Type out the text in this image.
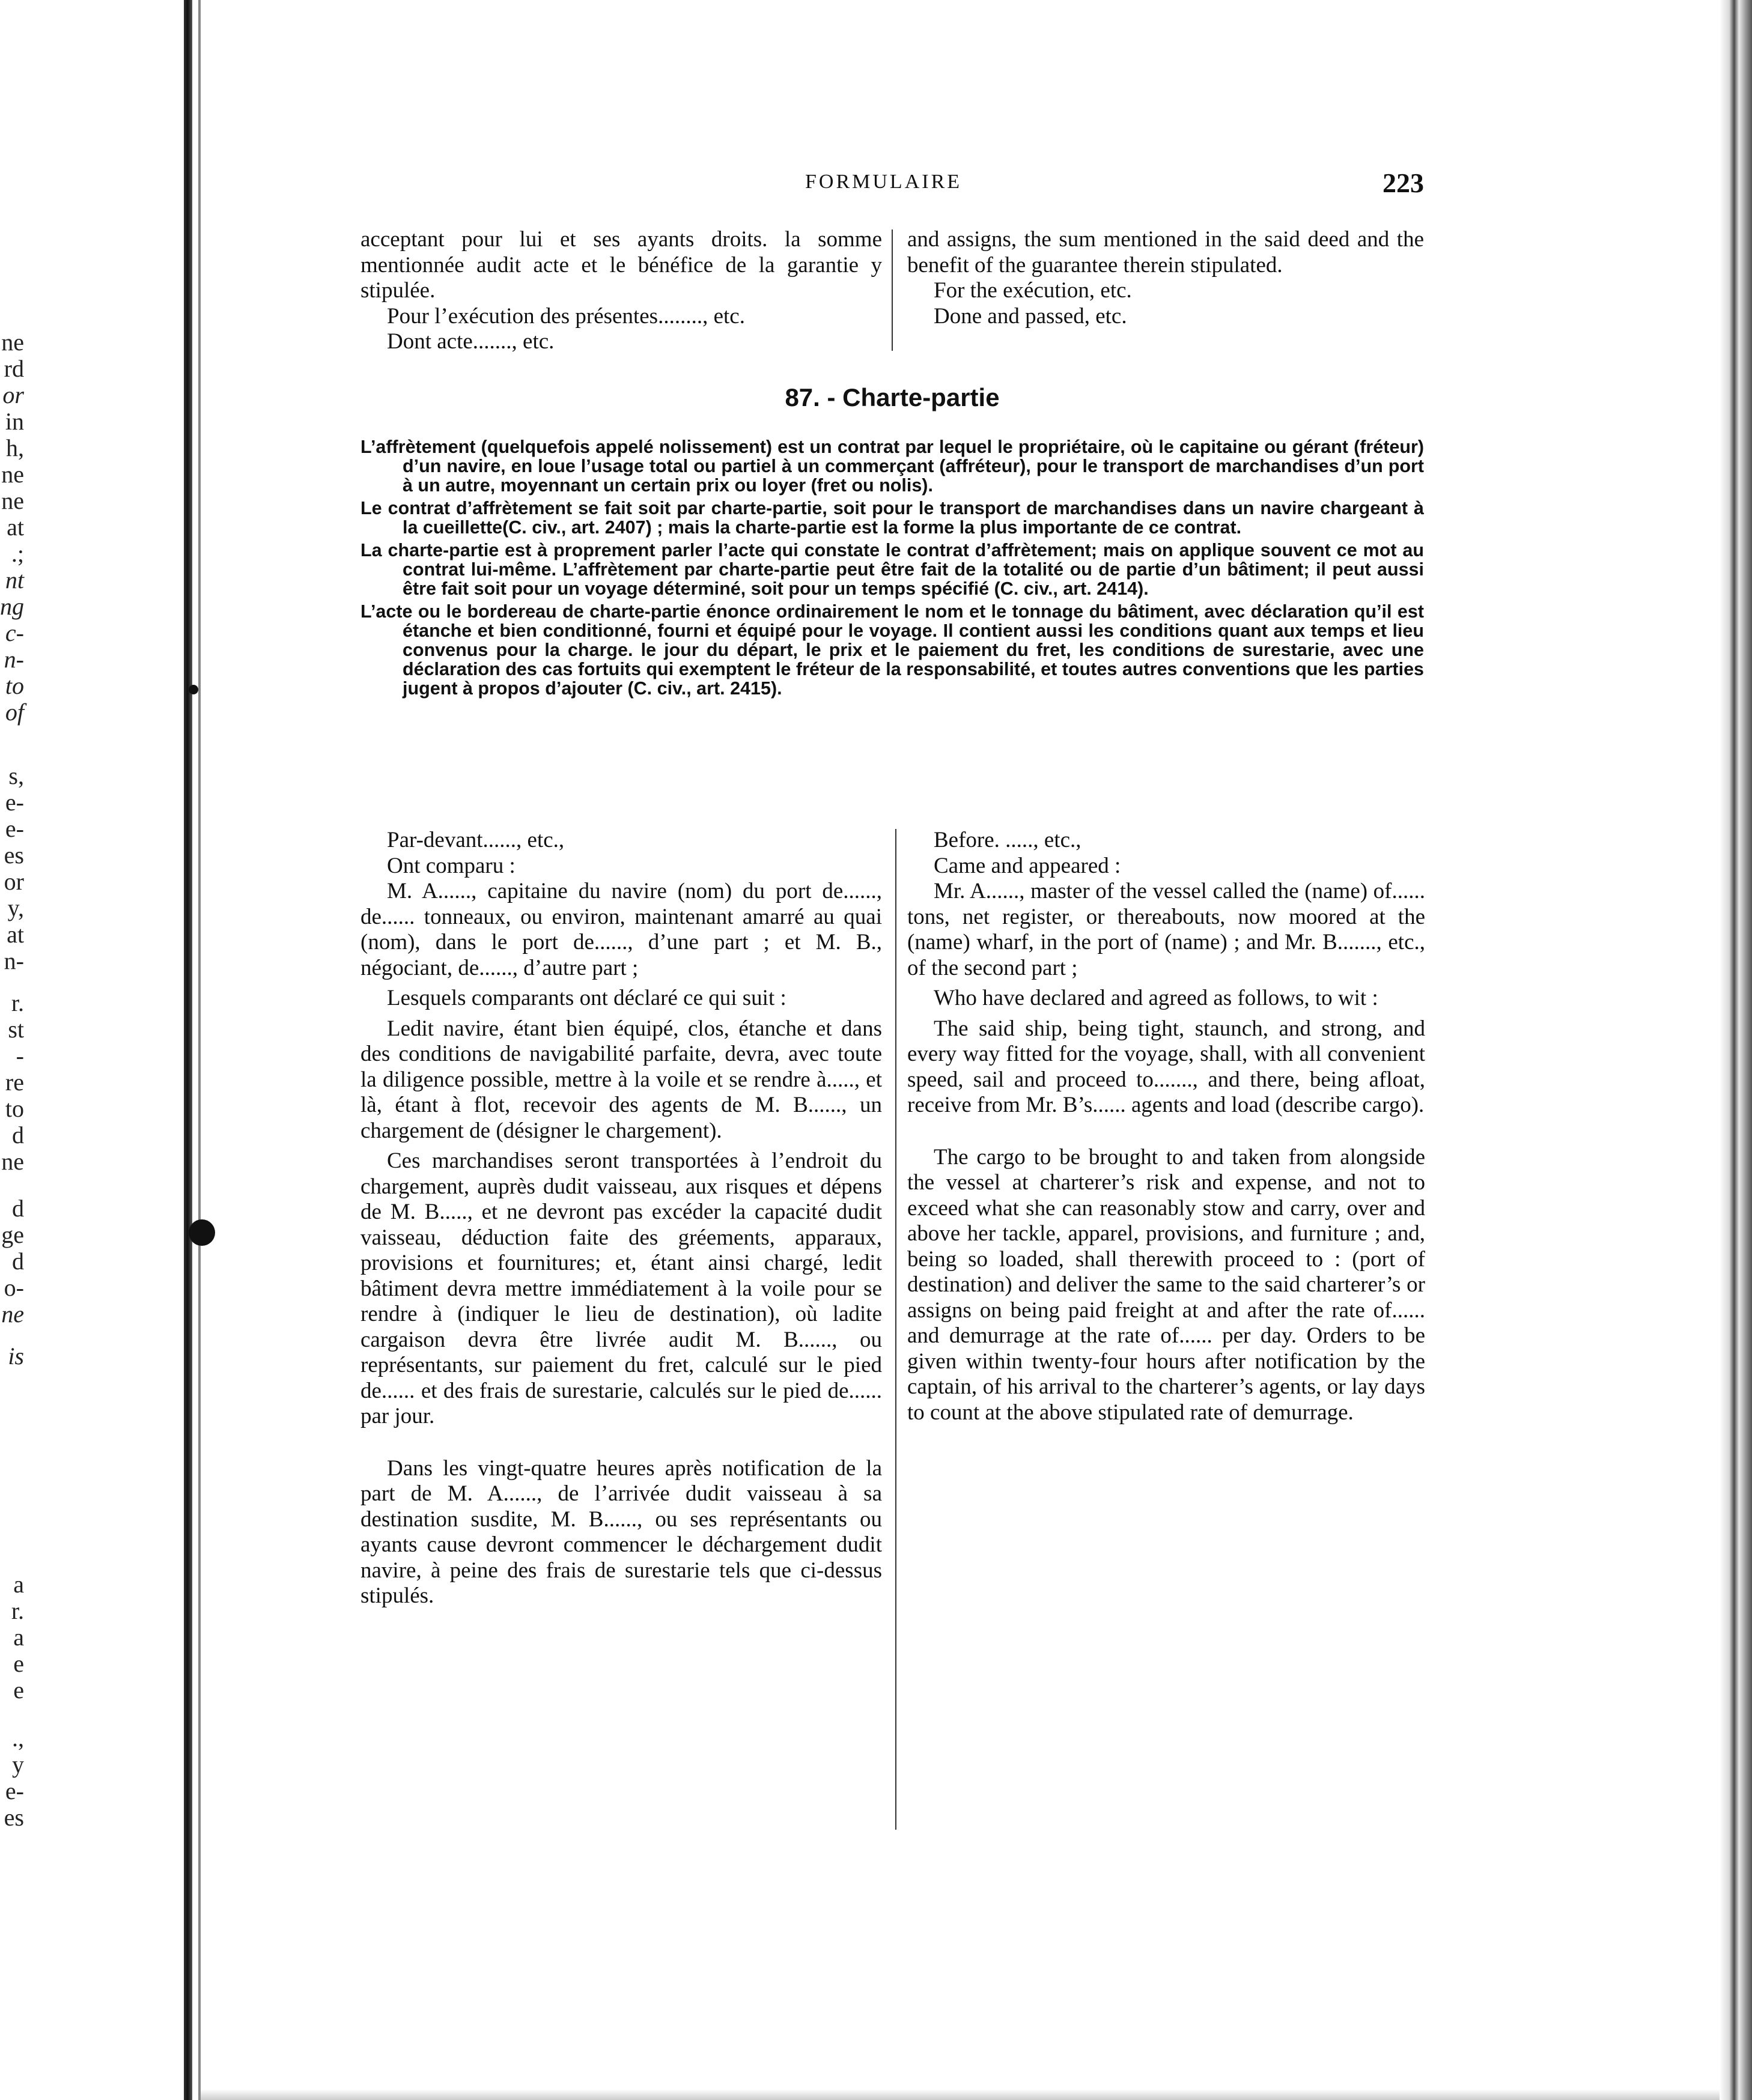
ne
rd
or
in
h,
ne
ne
at
.;
nt
ng
c-
n-
to
of
s,
e-
e-
es
or
y,
at
n-
r.
st
-
re
to
d
ne
d
ge
d
o-
ne
is
a
r.
a
e
e
.,
y
e-
es
FORMULAIRE	223

acceptant pour lui et ses ayants droits. la somme mentionnée audit acte et le bénéfice de la garantie y stipulée.

Pour l’exécution des présentes........, etc.

Dont acte......., etc.

and assigns, the sum mentioned in the said deed and the benefit of the guarantee therein stipulated.

For the exécution, etc.

Done and passed, etc.

87. - Charte-partie

L’affrètement (quelquefois appelé nolissement) est un contrat par lequel le propriétaire, où le capitaine ou gérant (fréteur) d’un navire, en loue l’usage total ou partiel à un commerçant (affréteur), pour le transport de marchandises d’un port à un autre, moyennant un certain prix ou loyer (fret ou nolis).

Le contrat d’affrètement se fait soit par charte-partie, soit pour le transport de marchandises dans un navire chargeant à la cueillette(C. civ., art. 2407) ; mais la charte-partie est la forme la plus importante de ce contrat.

La charte-partie est à proprement parler l’acte qui constate le contrat d’affrètement; mais on applique souvent ce mot au contrat lui-même. L’affrètement par charte-partie peut être fait de la totalité ou de partie d’un bâtiment; il peut aussi être fait soit pour un voyage déterminé, soit pour un temps spécifié (C. civ., art. 2414).

L’acte ou le bordereau de charte-partie énonce ordinairement le nom et le tonnage du bâtiment, avec déclaration qu’il est étanche et bien conditionné, fourni et équipé pour le voyage. Il contient aussi les conditions quant aux temps et lieu convenus pour la charge. le jour du départ, le prix et le paiement du fret, les conditions de surestarie, avec une déclaration des cas fortuits qui exemptent le fréteur de la responsabilité, et toutes autres conventions que les parties jugent à propos d’ajouter (C. civ., art. 2415).

Par-devant......, etc.,

Ont comparu :

M. A......, capitaine du navire (nom) du port de......, de...... tonneaux, ou environ, maintenant amarré au quai (nom), dans le port de......, d’une part ; et M. B., négociant, de......, d’autre part ;

Lesquels comparants ont déclaré ce qui suit :

Ledit navire, étant bien équipé, clos, étanche et dans des conditions de navigabilité parfaite, devra, avec toute la diligence possible, mettre à la voile et se rendre à....., et là, étant à flot, recevoir des agents de M. B......, un chargement de (désigner le chargement).

Ces marchandises seront transportées à l’endroit du chargement, auprès dudit vaisseau, aux risques et dépens de M. B....., et ne devront pas excéder la capacité dudit vaisseau, déduction faite des gréements, apparaux, provisions et fournitures; et, étant ainsi chargé, ledit bâtiment devra mettre immédiatement à la voile pour se rendre à (indiquer le lieu de destination), où ladite cargaison devra être livrée audit M. B......, ou représentants, sur paiement du fret, calculé sur le pied de...... et des frais de surestarie, calculés sur le pied de...... par jour.

Dans les vingt-quatre heures après notification de la part de M. A......, de l’arrivée dudit vaisseau à sa destination susdite, M. B......, ou ses représentants ou ayants cause devront commencer le déchargement dudit navire, à peine des frais de surestarie tels que ci-dessus stipulés.

Before. ....., etc.,

Came and appeared :

Mr. A......, master of the vessel called the (name) of...... tons, net register, or thereabouts, now moored at the (name) wharf, in the port of (name) ; and Mr. B......., etc., of the second part ;

Who have declared and agreed as follows, to wit :

The said ship, being tight, staunch, and strong, and every way fitted for the voyage, shall, with all convenient speed, sail and proceed to......., and there, being afloat, receive from Mr. B’s...... agents and load (describe cargo).

The cargo to be brought to and taken from alongside the vessel at charterer’s risk and expense, and not to exceed what she can reasonably stow and carry, over and above her tackle, apparel, provisions, and furniture ; and, being so loaded, shall therewith proceed to : (port of destination) and deliver the same to the said charterer’s or assigns on being paid freight at and after the rate of...... and demurrage at the rate of...... per day. Orders to be given within twenty-four hours after notification by the captain, of his arrival to the charterer’s agents, or lay days to count at the above stipulated rate of demurrage.
